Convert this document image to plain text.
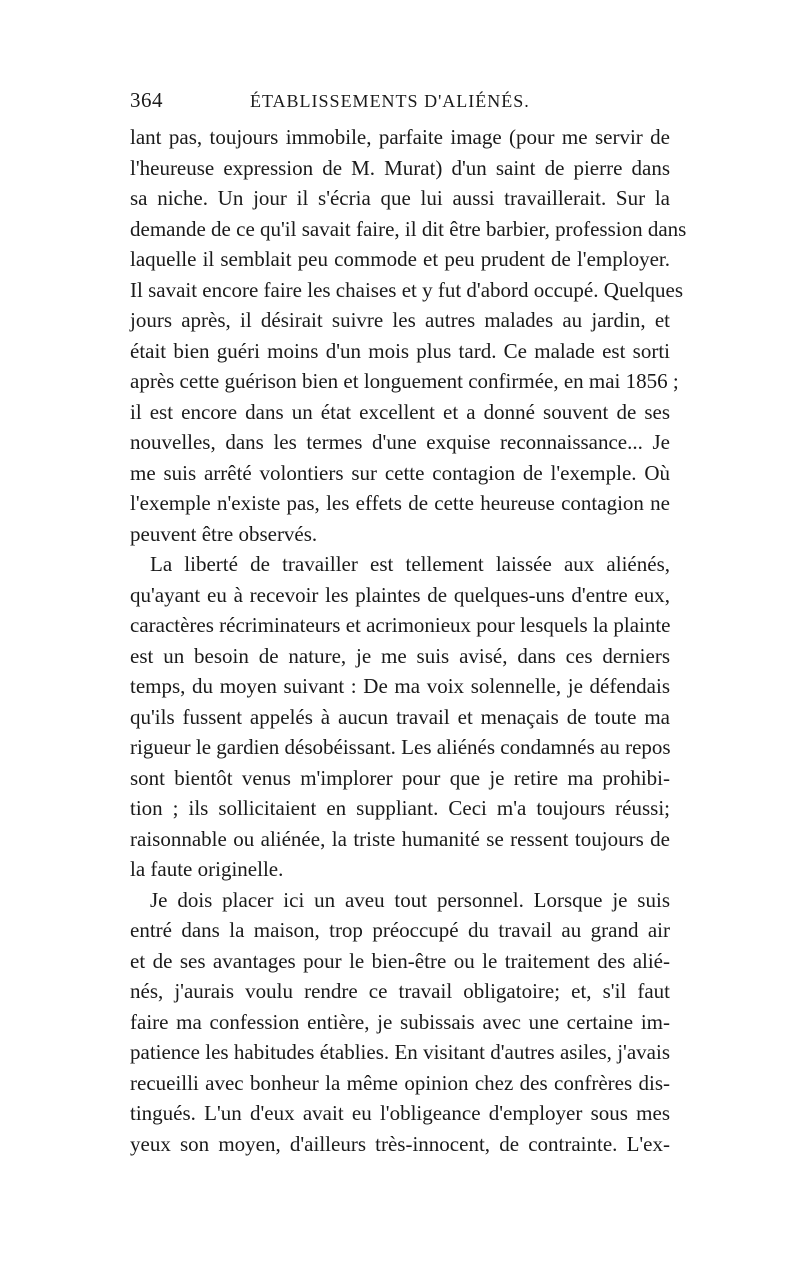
364	ÉTABLISSEMENTS D'ALIÉNÉS.
lant pas, toujours immobile, parfaite image (pour me servir de
l'heureuse expression de M. Murat) d'un saint de pierre dans
sa niche. Un jour il s'écria que lui aussi travaillerait. Sur la
demande de ce qu'il savait faire, il dit être barbier, profession dans
laquelle il semblait peu commode et peu prudent de l'employer.
Il savait encore faire les chaises et y fut d'abord occupé. Quelques
jours après, il désirait suivre les autres malades au jardin, et
était bien guéri moins d'un mois plus tard. Ce malade est sorti
après cette guérison bien et longuement confirmée, en mai 1856 ;
il est encore dans un état excellent et a donné souvent de ses
nouvelles, dans les termes d'une exquise reconnaissance... Je
me suis arrêté volontiers sur cette contagion de l'exemple. Où
l'exemple n'existe pas, les effets de cette heureuse contagion ne
peuvent être observés.
La liberté de travailler est tellement laissée aux aliénés,
qu'ayant eu à recevoir les plaintes de quelques-uns d'entre eux,
caractères récriminateurs et acrimonieux pour lesquels la plainte
est un besoin de nature, je me suis avisé, dans ces derniers
temps, du moyen suivant : De ma voix solennelle, je défendais
qu'ils fussent appelés à aucun travail et menaçais de toute ma
rigueur le gardien désobéissant. Les aliénés condamnés au repos
sont bientôt venus m'implorer pour que je retire ma prohibi-
tion ; ils sollicitaient en suppliant. Ceci m'a toujours réussi;
raisonnable ou aliénée, la triste humanité se ressent toujours de
la faute originelle.
Je dois placer ici un aveu tout personnel. Lorsque je suis
entré dans la maison, trop préoccupé du travail au grand air
et de ses avantages pour le bien-être ou le traitement des alié-
nés, j'aurais voulu rendre ce travail obligatoire; et, s'il faut
faire ma confession entière, je subissais avec une certaine im-
patience les habitudes établies. En visitant d'autres asiles, j'avais
recueilli avec bonheur la même opinion chez des confrères dis-
tingués. L'un d'eux avait eu l'obligeance d'employer sous mes
yeux son moyen, d'ailleurs très-innocent, de contrainte. L'ex-
